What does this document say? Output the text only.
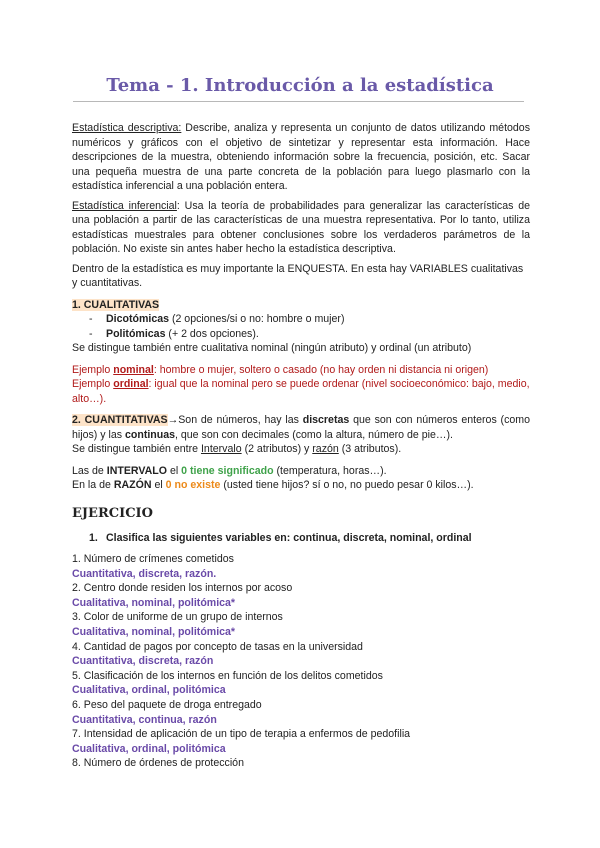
Tema - 1. Introducción a la estadística

Estadística descriptiva: Describe, analiza y representa un conjunto de datos utilizando métodos numéricos y gráficos con el objetivo de sintetizar y representar esta información. Hace descripciones de la muestra, obteniendo información sobre la frecuencia, posición, etc. Sacar una pequeña muestra de una parte concreta de la población para luego plasmarlo con la estadística inferencial a una población entera.

Estadística inferencial: Usa la teoría de probabilidades para generalizar las características de una población a partir de las características de una muestra representativa. Por lo tanto, utiliza estadísticas muestrales para obtener conclusiones sobre los verdaderos parámetros de la población. No existe sin antes haber hecho la estadística descriptiva.

Dentro de la estadística es muy importante la ENQUESTA. En esta hay VARIABLES cualitativas y cuantitativas.

1. CUALITATIVAS

- Dicotómicas (2 opciones/si o no: hombre o mujer)
- Politómicas (+ 2 dos opciones).

Se distingue también entre cualitativa nominal (ningún atributo) y ordinal (un atributo)

Ejemplo nominal: hombre o mujer, soltero o casado (no hay orden ni distancia ni origen)

Ejemplo ordinal: igual que la nominal pero se puede ordenar (nivel socioeconómico: bajo, medio, alto…).

2. CUANTITATIVAS→Son de números, hay las discretas que son con números enteros (como hijos) y las continuas, que son con decimales (como la altura, número de pie…).

Se distingue también entre Intervalo (2 atributos) y razón (3 atributos).

Las de INTERVALO el 0 tiene significado (temperatura, horas…).

En la de RAZÓN el 0 no existe (usted tiene hijos? sí o no, no puedo pesar 0 kilos…).

EJERCICIO
1. Clasifica las siguientes variables en: continua, discreta, nominal, ordinal
1. Número de crímenes cometidos
Cuantitativa, discreta, razón.
2. Centro donde residen los internos por acoso
Cualitativa, nominal, politómica*
3. Color de uniforme de un grupo de internos
Cualitativa, nominal, politómica*
4. Cantidad de pagos por concepto de tasas en la universidad
Cuantitativa, discreta, razón
5. Clasificación de los internos en función de los delitos cometidos
Cualitativa, ordinal, politómica
6. Peso del paquete de droga entregado
Cuantitativa, continua, razón
7. Intensidad de aplicación de un tipo de terapia a enfermos de pedofilia
Cualitativa, ordinal, politómica
8. Número de órdenes de protección
